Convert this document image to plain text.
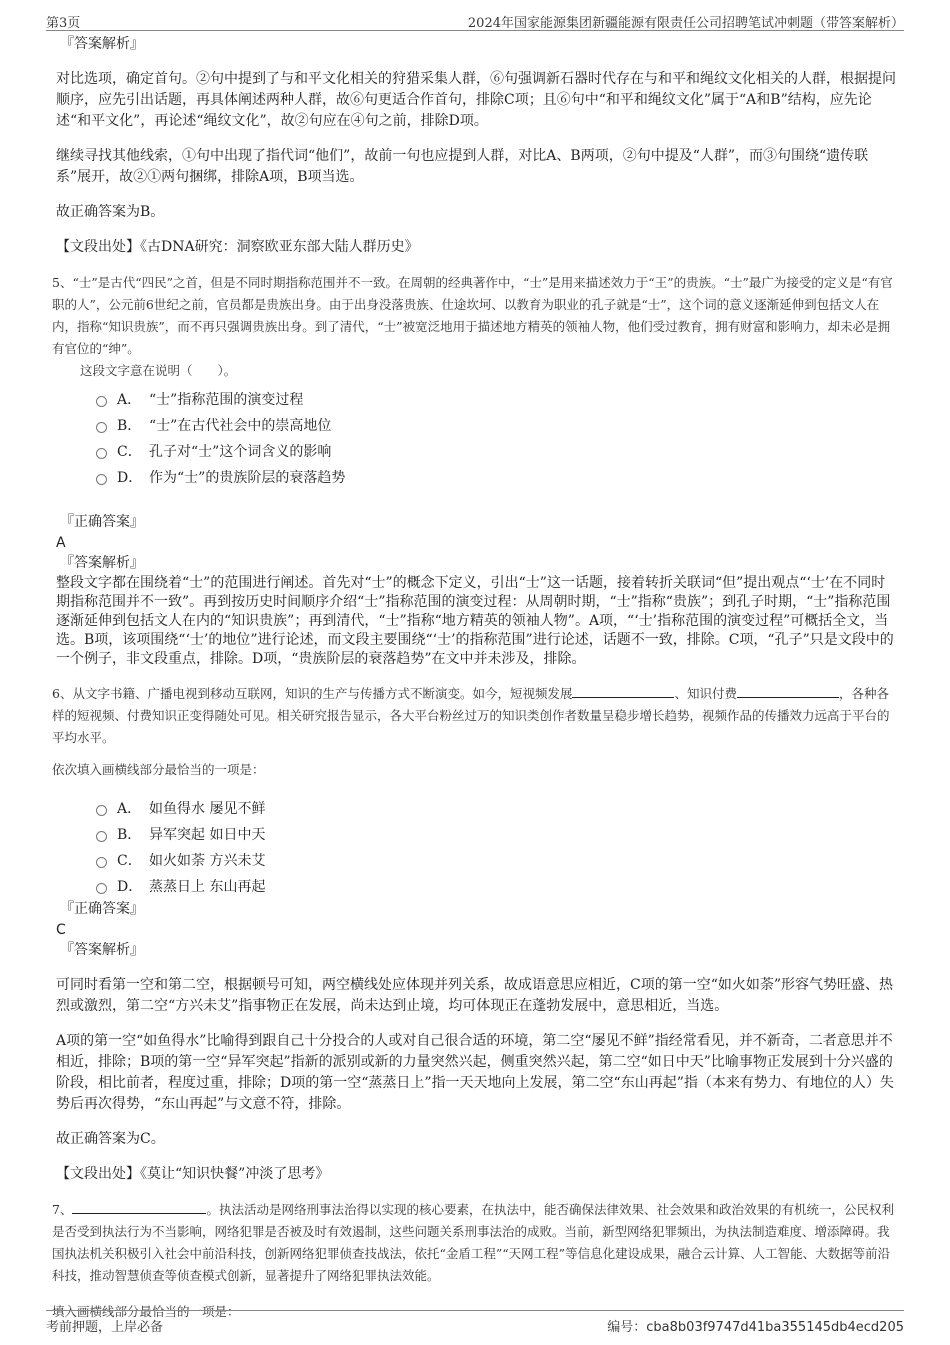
第3页	2024年国家能源集团新疆能源有限责任公司招聘笔试冲刺题（带答案解析）
『答案解析』

对比选项，确定首句。②句中提到了与和平文化相关的狩猎采集人群，⑥句强调新石器时代存在与和平和绳纹文化相关的人群，根据提问顺序，应先引出话题，再具体阐述两种人群，故⑥句更适合作首句，排除C项；且⑥句中“和平和绳纹文化”属于“A和B”结构，应先论述“和平文化”，再论述“绳纹文化”，故②句应在④句之前，排除D项。

继续寻找其他线索，①句中出现了指代词“他们”，故前一句也应提到人群，对比A、B两项，②句中提及“人群”，而③句围绕“遗传联系”展开，故②①两句捆绑，排除A项，B项当选。

故正确答案为B。

【文段出处】《古DNA研究：洞察欧亚东部大陆人群历史》

5、“士”是古代“四民”之首，但是不同时期指称范围并不一致。在周朝的经典著作中，“士”是用来描述效力于“王”的贵族。“士”最广为接受的定义是“有官职的人”，公元前6世纪之前，官员都是贵族出身。由于出身没落贵族、仕途坎坷、以教育为职业的孔子就是“士”，这个词的意义逐渐延伸到包括文人在内，指称“知识贵族”，而不再只强调贵族出身。到了清代，“士”被宽泛地用于描述地方精英的领袖人物，他们受过教育，拥有财富和影响力，却未必是拥有官位的“绅”。

这段文字意在说明（　　）。

A． “士”指称范围的演变过程
B． “士”在古代社会中的崇高地位
C． 孔子对“士”这个词含义的影响
D． 作为“士”的贵族阶层的衰落趋势
『正确答案』
A
『答案解析』

整段文字都在围绕着“士”的范围进行阐述。首先对“士”的概念下定义，引出“士”这一话题，接着转折关联词“但”提出观点“‘士’在不同时期指称范围并不一致”。再到按历史时间顺序介绍“士”指称范围的演变过程：从周朝时期，“士”指称“贵族”；到孔子时期，“士”指称范围逐渐延伸到包括文人在内的“知识贵族”；再到清代，“士”指称“地方精英的领袖人物”。A项，“‘士’指称范围的演变过程”可概括全文，当选。B项，该项围绕“‘士’的地位”进行论述，而文段主要围绕“‘士’的指称范围”进行论述，话题不一致，排除。C项，“孔子”只是文段中的一个例子，非文段重点，排除。D项，“贵族阶层的衰落趋势”在文中并未涉及，排除。

6、从文字书籍、广播电视到移动互联网，知识的生产与传播方式不断演变。如今，短视频发展	、知识付费	，各种各样的短视频、付费知识正变得随处可见。相关研究报告显示，各大平台粉丝过万的知识类创作者数量呈稳步增长趋势，视频作品的传播效力远高于平台的平均水平。

依次填入画横线部分最恰当的一项是：

A． 如鱼得水 屡见不鲜
B． 异军突起 如日中天
C． 如火如荼 方兴未艾
D． 蒸蒸日上 东山再起
『正确答案』
C
『答案解析』

可同时看第一空和第二空，根据顿号可知，两空横线处应体现并列关系，故成语意思应相近，C项的第一空“如火如荼”形容气势旺盛、热烈或激烈，第二空“方兴未艾”指事物正在发展，尚未达到止境，均可体现正在蓬勃发展中，意思相近，当选。

A项的第一空“如鱼得水”比喻得到跟自己十分投合的人或对自己很合适的环境，第二空“屡见不鲜”指经常看见，并不新奇，二者意思并不相近，排除；B项的第一空“异军突起”指新的派别或新的力量突然兴起，侧重突然兴起，第二空“如日中天”比喻事物正发展到十分兴盛的阶段，相比前者，程度过重，排除；D项的第一空“蒸蒸日上”指一天天地向上发展，第二空“东山再起”指（本来有势力、有地位的人）失势后再次得势，“东山再起”与文意不符，排除。

故正确答案为C。

【文段出处】《莫让“知识快餐”冲淡了思考》

7、	。执法活动是网络刑事法治得以实现的核心要素，在执法中，能否确保法律效果、社会效果和政治效果的有机统一，公民权利是否受到执法行为不当影响，网络犯罪是否被及时有效遏制，这些问题关系刑事法治的成败。当前，新型网络犯罪频出，为执法制造难度、增添障碍。我国执法机关积极引入社会中前沿科技，创新网络犯罪侦查技战法，依托“金盾工程”“天网工程”等信息化建设成果，融合云计算、人工智能、大数据等前沿科技，推动智慧侦查等侦查模式创新，显著提升了网络犯罪执法效能。

填入画横线部分最恰当的一项是：

考前押题，上岸必备	编号：cba8b03f9747d41ba355145db4ecd205
